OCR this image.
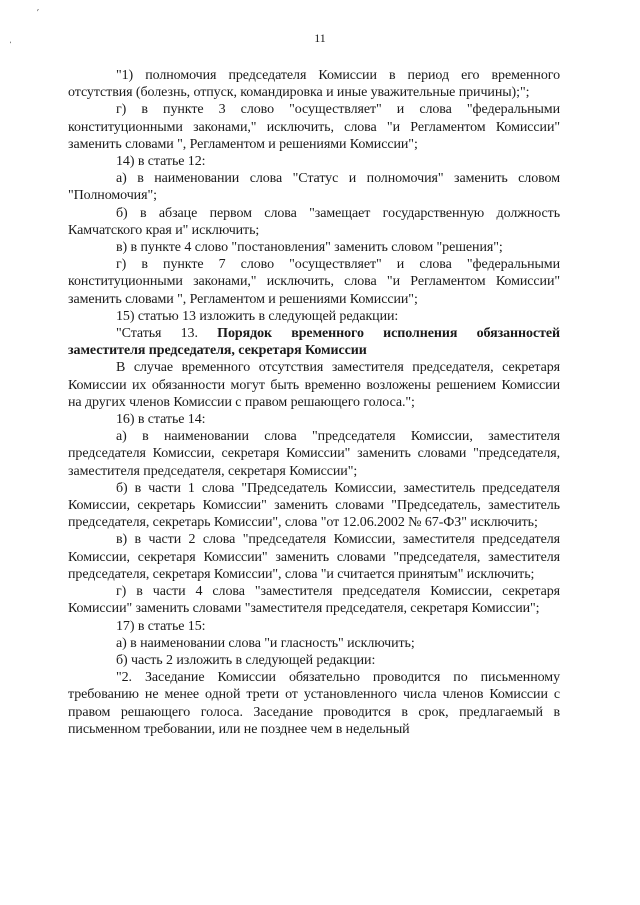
ˊ
ˊ	11

"1) полномочия председателя Комиссии в период его временного отсутствия (болезнь, отпуск, командировка и иные уважительные причины);";

г) в пункте 3 слово "осуществляет" и слова "федеральными конституционными законами," исключить, слова "и Регламентом Комиссии" заменить словами ", Регламентом и решениями Комиссии";

14) в статье 12:

а) в наименовании слова "Статус и полномочия" заменить словом "Полномочия";

б) в абзаце первом слова "замещает государственную должность Камчатского края и" исключить;

в) в пункте 4 слово "постановления" заменить словом "решения";

г) в пункте 7 слово "осуществляет" и слова "федеральными конституционными законами," исключить, слова "и Регламентом Комиссии" заменить словами ", Регламентом и решениями Комиссии";

15) статью 13 изложить в следующей редакции:

"Статья 13. Порядок временного исполнения обязанностей заместителя председателя, секретаря Комиссии

В случае временного отсутствия заместителя председателя, секретаря Комиссии их обязанности могут быть временно возложены решением Комиссии на других членов Комиссии с правом решающего голоса.";

16) в статье 14:

а) в наименовании слова "председателя Комиссии, заместителя председателя Комиссии, секретаря Комиссии" заменить словами "председателя, заместителя председателя, секретаря Комиссии";

б) в части 1 слова "Председатель Комиссии, заместитель председателя Комиссии, секретарь Комиссии" заменить словами "Председатель, заместитель председателя, секретарь Комиссии", слова "от 12.06.2002 № 67-ФЗ" исключить;

в) в части 2 слова "председателя Комиссии, заместителя председателя Комиссии, секретаря Комиссии" заменить словами "председателя, заместителя председателя, секретаря Комиссии", слова "и считается принятым" исключить;

г) в части 4 слова "заместителя председателя Комиссии, секретаря Комиссии" заменить словами "заместителя председателя, секретаря Комиссии";

17) в статье 15:

а) в наименовании слова "и гласность" исключить;

б) часть 2 изложить в следующей редакции:

"2. Заседание Комиссии обязательно проводится по письменному требованию не менее одной трети от установленного числа членов Комиссии с правом решающего голоса. Заседание проводится в срок, предлагаемый в письменном требовании, или не позднее чем в недельный
